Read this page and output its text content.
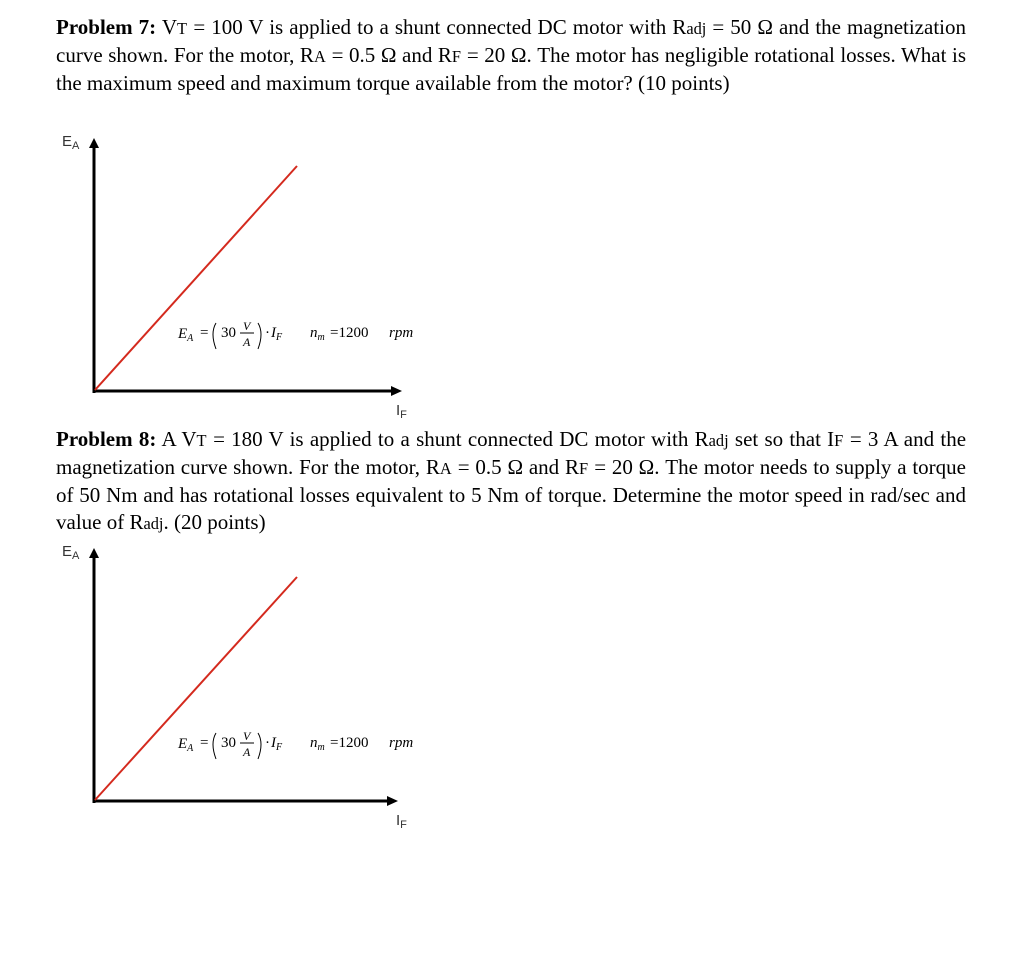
Problem 7: VT = 100 V is applied to a shunt connected DC motor with Radj = 50 Ω and the magnetization curve shown. For the motor, RA = 0.5 Ω and RF = 20 Ω. The motor has negligible rotational losses. What is the maximum speed and maximum torque available from the motor? (10 points)

$E_A$
$I_F$
$E_A = 30$ V
A
· $I_F$ $n_m =1200$ rpm

Problem 8: A VT = 180 V is applied to a shunt connected DC motor with Radj set so that IF = 3 A and the magnetization curve shown. For the motor, RA = 0.5 Ω and RF = 20 Ω. The motor needs to supply a torque of 50 Nm and has rotational losses equivalent to 5 Nm of torque. Determine the motor speed in rad/sec and value of Radj. (20 points)

$E_A$
$I_F$
$E_A = 30$ V
A
· $I_F$ $n_m =1200$ rpm
